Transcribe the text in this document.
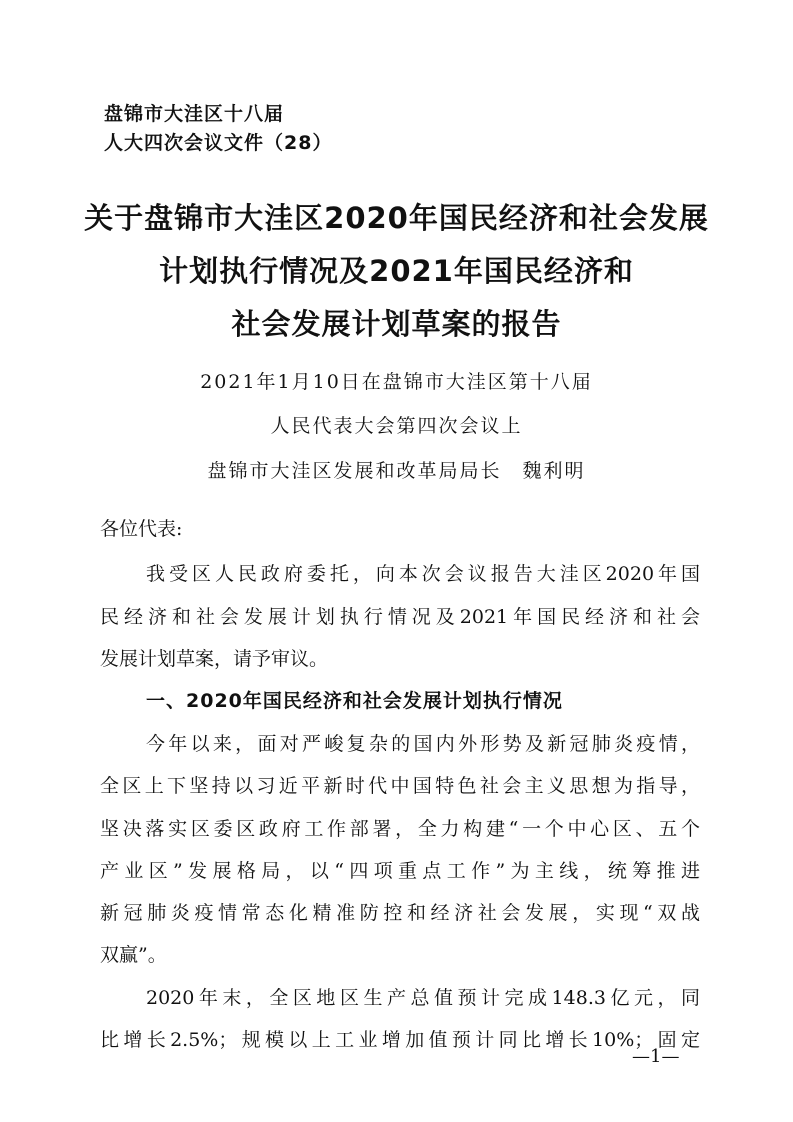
盘锦市大洼区十八届
人大四次会议文件（28）
关于盘锦市大洼区2020年国民经济和社会发展
计划执行情况及2021年国民经济和
社会发展计划草案的报告
2021年1月10日在盘锦市大洼区第十八届
人民代表大会第四次会议上
盘锦市大洼区发展和改革局局长　魏利明
各位代表:
我受区人民政府委托，向本次会议报告大洼区2020年国
民经济和社会发展计划执行情况及2021年国民经济和社会
发展计划草案，请予审议。
一、2020年国民经济和社会发展计划执行情况
今年以来，面对严峻复杂的国内外形势及新冠肺炎疫情，
全区上下坚持以习近平新时代中国特色社会主义思想为指导，
坚决落实区委区政府工作部署，全力构建“一个中心区、五个
产业区”发展格局，以“四项重点工作”为主线，统筹推进
新冠肺炎疫情常态化精准防控和经济社会发展，实现“双战
双赢”。
2020年末，全区地区生产总值预计完成148.3亿元，同
比增长2.5%；规模以上工业增加值预计同比增长10%；固定
—1—
